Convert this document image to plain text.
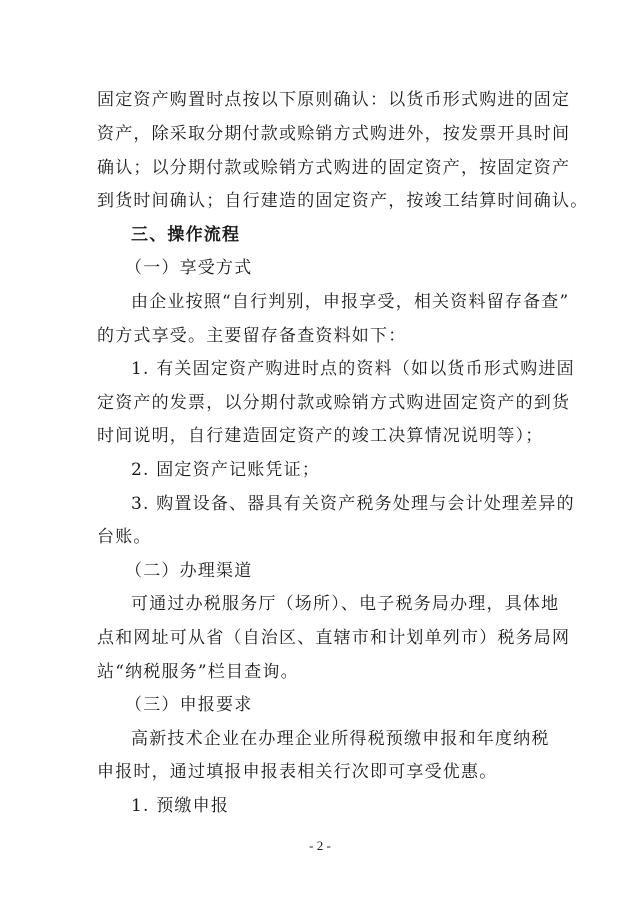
固定资产购置时点按以下原则确认：以货币形式购进的固定
资产，除采取分期付款或赊销方式购进外，按发票开具时间
确认；以分期付款或赊销方式购进的固定资产，按固定资产
到货时间确认；自行建造的固定资产，按竣工结算时间确认。
三、操作流程
（一）享受方式
由企业按照“自行判别，申报享受，相关资料留存备查”
的方式享受。主要留存备查资料如下：
1. 有关固定资产购进时点的资料（如以货币形式购进固
定资产的发票，以分期付款或赊销方式购进固定资产的到货
时间说明，自行建造固定资产的竣工决算情况说明等）；
2. 固定资产记账凭证；
3. 购置设备、器具有关资产税务处理与会计处理差异的
台账。
（二）办理渠道
可通过办税服务厅（场所）、电子税务局办理，具体地
点和网址可从省（自治区、直辖市和计划单列市）税务局网
站“纳税服务”栏目查询。
（三）申报要求
高新技术企业在办理企业所得税预缴申报和年度纳税
申报时，通过填报申报表相关行次即可享受优惠。
1. 预缴申报
- 2 -
